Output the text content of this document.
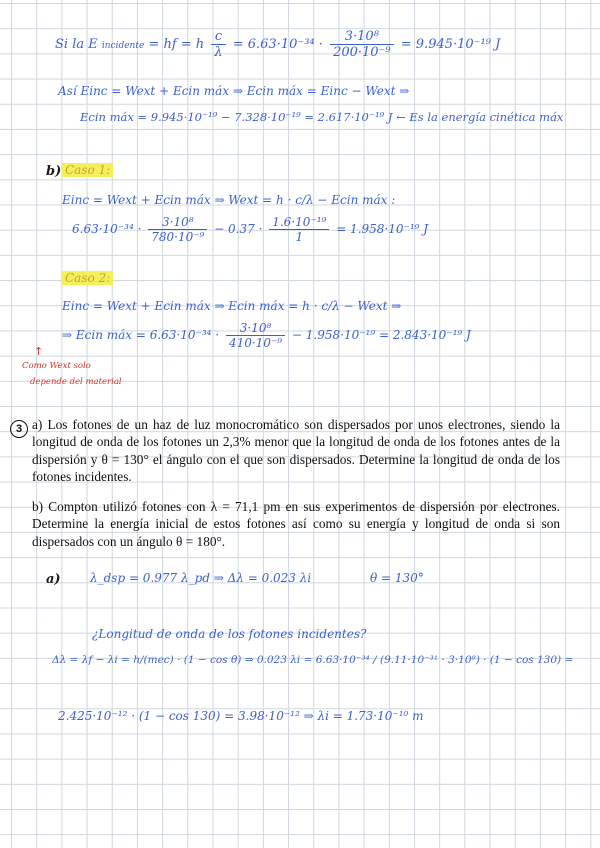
Si la E incidente = hf = h $\frac{c}{\lambda} = 6.63\cdot 10^{-34} \cdot \frac{\text{3·10⁸}}{\text{200·10⁻⁹}} = 9.945\cdot 10^{-19}$ J
Así Einc = Wext + Ecin máx ⇒ Ecin máx = Einc − Wext ⇒
Ecin máx = 9.945·10⁻¹⁹ − 7.328·10⁻¹⁹ = 2.617·10⁻¹⁹ J ← Es la energía cinética máx
b) Caso 1:
Einc = Wext + Ecin máx ⇒ Wext = h · c/λ − Ecin máx :
$6.63\cdot 10^{-34} \cdot \frac{\text{3·10⁸}}{\text{780·10⁻⁹}} - 0.37 \cdot \frac{\text{1.6·10⁻¹⁹}}{1} = 1.958\cdot 10^{-19}$ J
Caso 2:
Einc = Wext + Ecin máx ⇒ Ecin máx = h · c/λ − Wext ⇒
⇒ Ecin máx = $6.63\cdot 10^{-34} \cdot \frac{\text{3·10⁸}}{\text{410·10⁻⁹}} - 1.958\cdot 10^{-19} = 2.843\cdot 10^{-19}$ J
↑
Como Wext solo
depende del material
3 a) Los fotones de un haz de luz monocromático son dispersados por unos electrones, siendo la longitud de onda de los fotones un 2,3% menor que la longitud de onda de los fotones antes de la dispersión y θ = 130° el ángulo con el que son dispersados. Determine la longitud de onda de los fotones incidentes.

b) Compton utilizó fotones con λ = 71,1 pm en sus experimentos de dispersión por electrones. Determine la energía inicial de estos fotones así como su energía y longitud de onda si son dispersados con un ángulo θ = 180°.

a) λ_dsp = 0.977 λ_pd ⇒ Δλ = 0.023 λi	θ = 130°
¿Longitud de onda de los fotones incidentes?
Δλ = λf − λi = h/(mec) · (1 − cos θ) ⇒ 0.023 λi = 6.63·10⁻³⁴ / (9.11·10⁻³¹ · 3·10⁸) · (1 − cos 130) =
2.425·10⁻¹² · (1 − cos 130) = 3.98·10⁻¹² ⇒ λi = 1.73·10⁻¹⁰ m
